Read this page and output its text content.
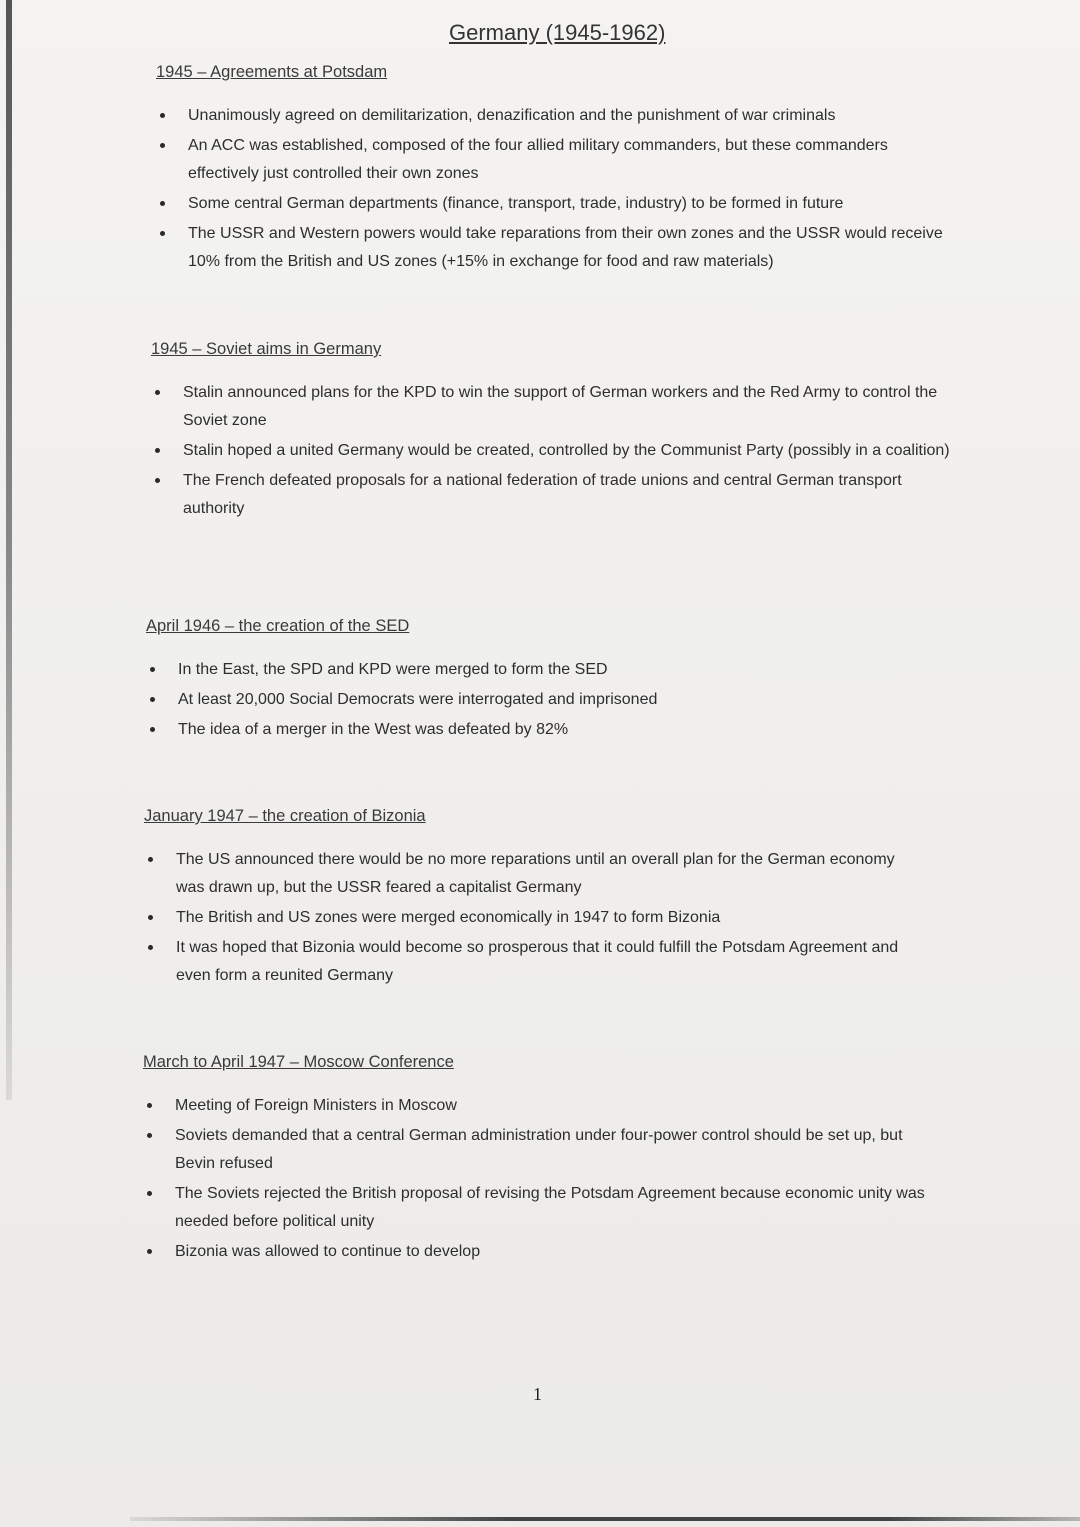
Germany (1945-1962)
1945 – Agreements at Potsdam
Unanimously agreed on demilitarization, denazification and the punishment of war criminals
An ACC was established, composed of the four allied military commanders, but these commanders effectively just controlled their own zones
Some central German departments (finance, transport, trade, industry) to be formed in future
The USSR and Western powers would take reparations from their own zones and the USSR would receive 10% from the British and US zones (+15% in exchange for food and raw materials)
1945 – Soviet aims in Germany
Stalin announced plans for the KPD to win the support of German workers and the Red Army to control the Soviet zone
Stalin hoped a united Germany would be created, controlled by the Communist Party (possibly in a coalition)
The French defeated proposals for a national federation of trade unions and central German transport authority
April 1946 – the creation of the SED
In the East, the SPD and KPD were merged to form the SED
At least 20,000 Social Democrats were interrogated and imprisoned
The idea of a merger in the West was defeated by 82%
January 1947 – the creation of Bizonia
The US announced there would be no more reparations until an overall plan for the German economy was drawn up, but the USSR feared a capitalist Germany
The British and US zones were merged economically in 1947 to form Bizonia
It was hoped that Bizonia would become so prosperous that it could fulfill the Potsdam Agreement and even form a reunited Germany
March to April 1947 – Moscow Conference
Meeting of Foreign Ministers in Moscow
Soviets demanded that a central German administration under four-power control should be set up, but Bevin refused
The Soviets rejected the British proposal of revising the Potsdam Agreement because economic unity was needed before political unity
Bizonia was allowed to continue to develop
1
